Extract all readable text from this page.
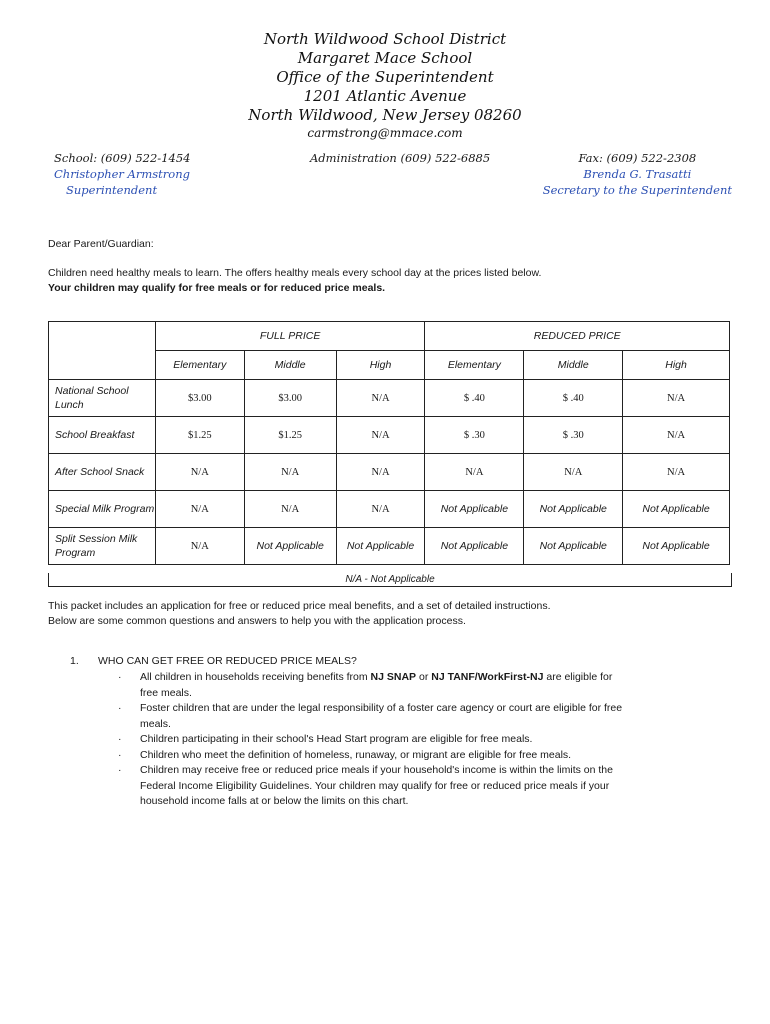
North Wildwood School District
Margaret Mace School
Office of the Superintendent
1201 Atlantic Avenue
North Wildwood, New Jersey 08260
carmstrong@mmace.com
School: (609) 522-1454
Christopher Armstrong
Superintendent
Administration (609) 522-6885	Fax: (609) 522-2308
Brenda G. Trasatti
Secretary to the Superintendent
Dear Parent/Guardian:
Children need healthy meals to learn. The offers healthy meals every school day at the prices listed below.
Your children may qualify for free meals or for reduced price meals.
	FULL PRICE			REDUCED PRICE		
	Elementary	Middle	High	Elementary	Middle	High
National School Lunch	$3.00	$3.00	N/A	$ .40	$ .40	N/A
School Breakfast	$1.25	$1.25	N/A	$ .30	$ .30	N/A
After School Snack	N/A	N/A	N/A	N/A	N/A	N/A
Special Milk Program	N/A	N/A	N/A	Not Applicable	Not Applicable	Not Applicable
Split Session Milk Program	N/A	Not Applicable	Not Applicable	Not Applicable	Not Applicable	Not Applicable
N/A - Not Applicable
This packet includes an application for free or reduced price meal benefits, and a set of detailed instructions.
Below are some common questions and answers to help you with the application process.
1. WHO CAN GET FREE OR REDUCED PRICE MEALS?
· All children in households receiving benefits from NJ SNAP or NJ TANF/WorkFirst-NJ are eligible for free meals.
· Foster children that are under the legal responsibility of a foster care agency or court are eligible for free meals.
· Children participating in their school's Head Start program are eligible for free meals.
· Children who meet the definition of homeless, runaway, or migrant are eligible for free meals.
· Children may receive free or reduced price meals if your household's income is within the limits on the Federal Income Eligibility Guidelines. Your children may qualify for free or reduced price meals if your household income falls at or below the limits on this chart.
